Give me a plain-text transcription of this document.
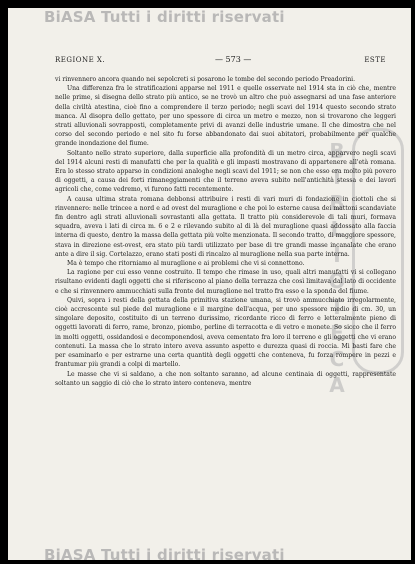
BiASA Tutti i diritti riservati
B
I
B
L
I
O
T
E
C
A
REGIONE X.	— 573 —	ESTE

vi rinvennero ancora quando nei sepolcreti si posarono le tombe del secondo periodo Preadorini.

Una differenza fra le stratificazioni apparse nel 1911 e quelle osservate nel 1914 sta in ciò che, mentre nelle prime, si disegna dello strato più antico, se ne trovò un altro che può assegnarsi ad una fase anteriore della civiltà atestina, cioè fino a comprendere il terzo periodo; negli scavi del 1914 questo secondo strato manca. Al disopra dello gettato, per uno spessore di circa un metro e mezzo, non si trovarono che leggeri strati alluvionali sovrapposti, completamente privi di avanzi delle industrie umane. Il che dimostra che nel corso del secondo periodo e nel sito fu forse abbandonato dai suoi abitatori, probabilmente per qualche grande inondazione del fiume.

Soltanto nello strato superiore, dalla superficie alla profondità di un metro circa, apparvero negli scavi del 1914 alcuni resti di manufatti che per la qualità e gli impasti mostravano di appartenere all'età romana. Era lo stesso strato apparso in condizioni analoghe negli scavi del 1911; se non che esso era molto più povero di oggetti, a causa dei forti rimaneggiamenti che il terreno aveva subito nell'antichità stessa e dei lavori agricoli che, come vedremo, vi furono fatti recentemente.

A causa ultima strata romana debbonsi attribuire i resti di vari muri di fondazione in ciottoli che si rinvennero: nelle trincee a nord e ad ovest del muraglione e che poi lo esterne causa dei mattoni scandaviate fin dentro agli strati alluvionali sovrastanti alla gettata. Il tratto più considerevole di tali muri, formava squadra, aveva i lati di circa m. 6 e 2 e rilevando subito al di là del muraglione quasi addossato alla faccia interna di questo, dentro la massa della gettata più volte menzionata. Il secondo tratto, di maggiore spessore, stava in direzione est-ovest, era stato più tardi utilizzato per base di tre grandi masse incanalate che erano ante a dire il sig. Cortelazzo, erano stati posti di rincalzo al muraglione nella sua parte interna.

Ma è tempo che ritorniamo al muraglione e ai problemi che vi si connettono.

La ragione per cui esso venne costruito. Il tempo che rimase in uso, quali altri manufatti vi si collegano risultano evidenti dagli oggetti che si riferiscono al piano della terrazza che così limitava dal lato di occidente e che si rinvennero ammucchiati sulla fronte del muraglione nel tratto fra esso e la sponda del fiume.

Quivi, sopra i resti della gettata della primitiva stazione umana, si trovò ammucchiato irregolarmente, cioè accrescente sul piede del muraglione e il margine dell'acqua, per uno spessore medio di cm. 30, un singolare deposito, costituito di un terreno durissimo, ricordante ricco di ferro e letteralmente pieno di oggetti lavorati di ferro, rame, bronzo, piombo, perline di terracotta e di vetro e monete. So sicco che il ferro in molti oggetti, ossidandosi e decomponendosi, aveva cementato fra loro il terreno e gli oggetti che vi erano contenuti. La massa che lo strato intero aveva assunto aspetto e durezza quasi di roccia. Mi basti fare che per esaminarlo e per estrarne una certa quantità degli oggetti che conteneva, fu forza rompere in pezzi e frantumar più grandi a colpi di martello.

Le masse che vi si saldano, a che non soltanto saranno, ad alcune centinaia di oggetti, rappresentate soltanto un saggio di ciò che lo strato intero conteneva, mentre

BiASA Tutti i diritti riservati
